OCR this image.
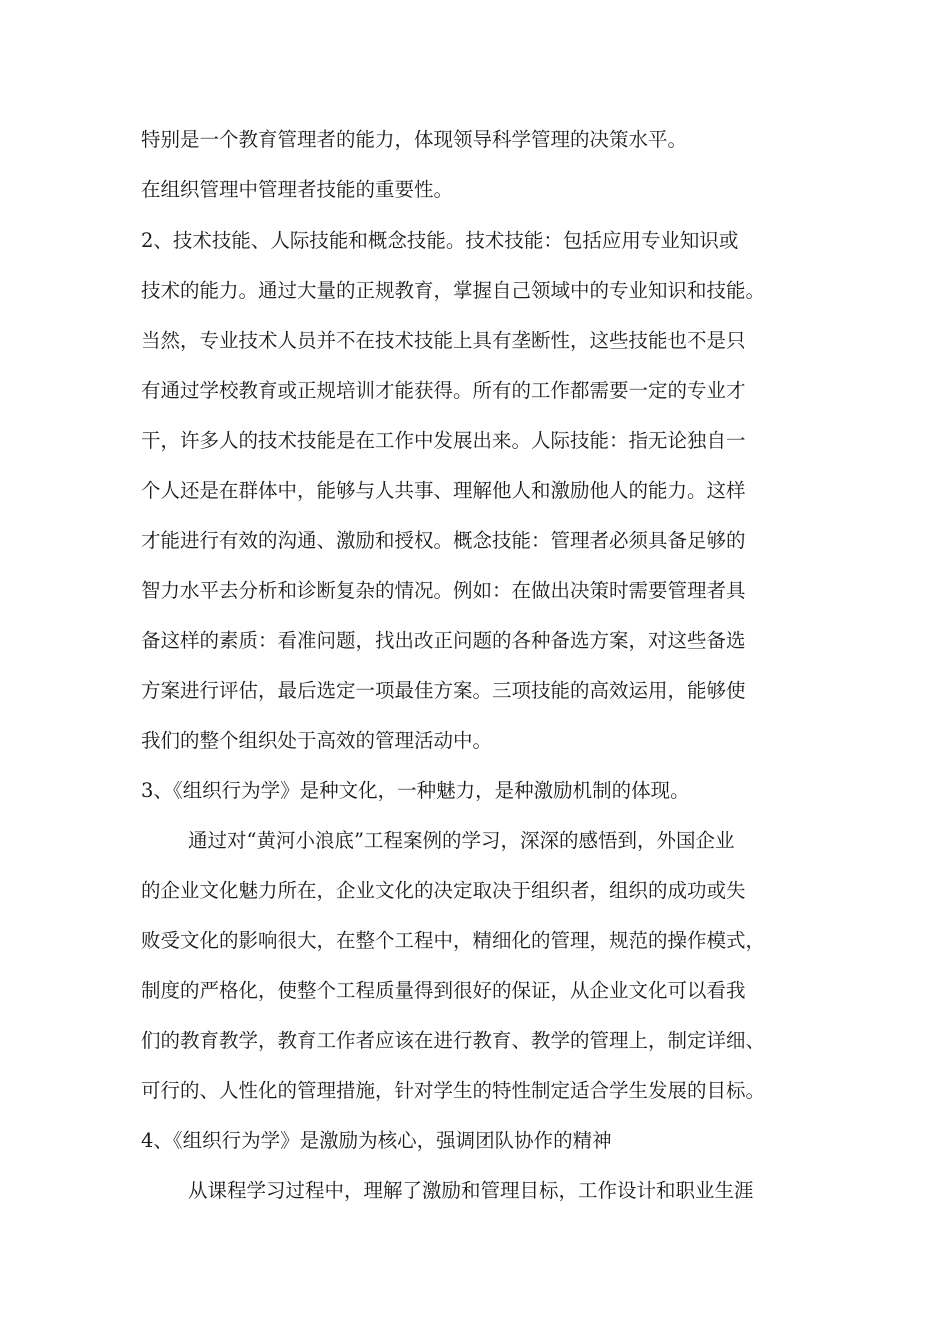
特别是一个教育管理者的能力，体现领导科学管理的决策水平。
在组织管理中管理者技能的重要性。
2、技术技能、人际技能和概念技能。技术技能：包括应用专业知识或
技术的能力。通过大量的正规教育，掌握自己领域中的专业知识和技能。
当然，专业技术人员并不在技术技能上具有垄断性，这些技能也不是只
有通过学校教育或正规培训才能获得。所有的工作都需要一定的专业才
干，许多人的技术技能是在工作中发展出来。人际技能：指无论独自一
个人还是在群体中，能够与人共事、理解他人和激励他人的能力。这样
才能进行有效的沟通、激励和授权。概念技能：管理者必须具备足够的
智力水平去分析和诊断复杂的情况。例如：在做出决策时需要管理者具
备这样的素质：看准问题，找出改正问题的各种备选方案，对这些备选
方案进行评估，最后选定一项最佳方案。三项技能的高效运用，能够使
我们的整个组织处于高效的管理活动中。
3、《组织行为学》是种文化，一种魅力，是种激励机制的体现。
通过对“黄河小浪底”工程案例的学习，深深的感悟到，外国企业
的企业文化魅力所在，企业文化的决定取决于组织者，组织的成功或失
败受文化的影响很大，在整个工程中，精细化的管理，规范的操作模式，
制度的严格化，使整个工程质量得到很好的保证，从企业文化可以看我
们的教育教学，教育工作者应该在进行教育、教学的管理上，制定详细、
可行的、人性化的管理措施，针对学生的特性制定适合学生发展的目标。
4、《组织行为学》是激励为核心，强调团队协作的精神
从课程学习过程中，理解了激励和管理目标，工作设计和职业生涯
